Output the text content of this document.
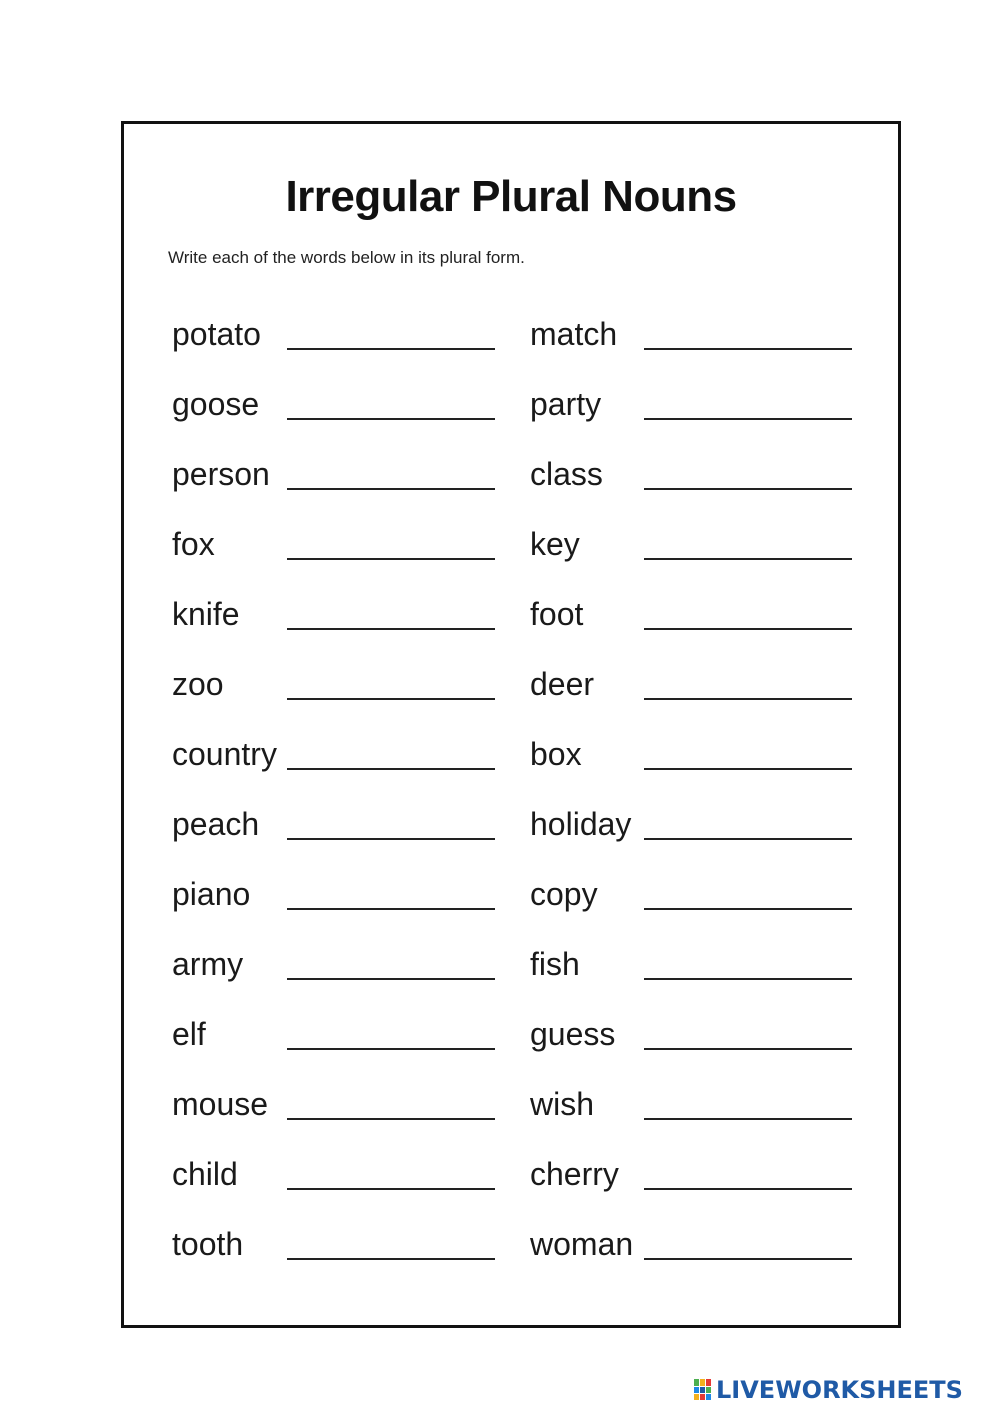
Irregular Plural Nouns
Write each of the words below in its plural form.
potato
goose
person
fox
knife
zoo
country
peach
piano
army
elf
mouse
child
tooth
match
party
class
key
foot
deer
box
holiday
copy
fish
guess
wish
cherry
woman
LIVEWORKSHEETS
